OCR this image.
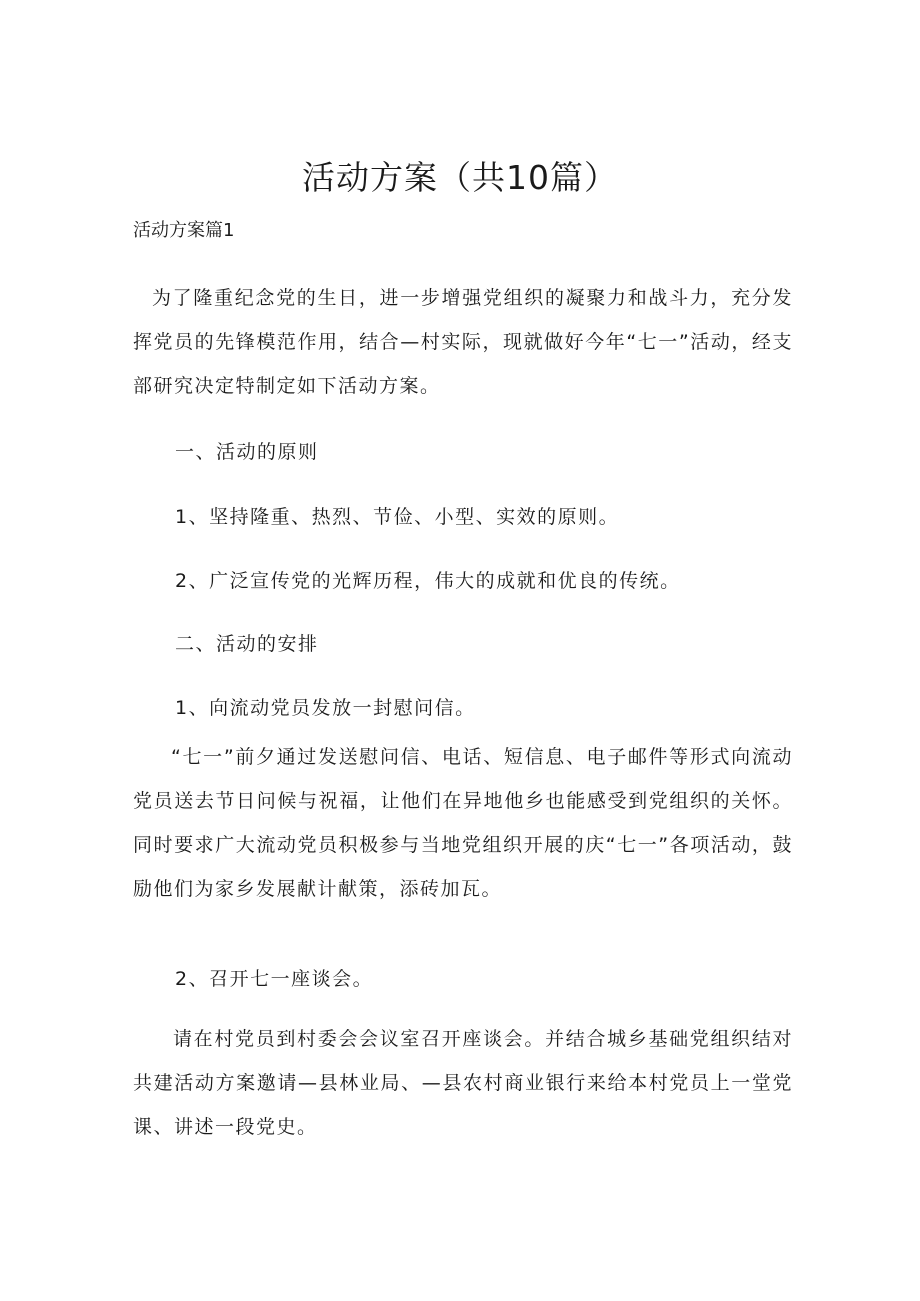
活动方案（共10篇）
活动方案篇1
为了隆重纪念党的生日，进一步增强党组织的凝聚力和战斗力，充分发挥党员的先锋模范作用，结合—村实际，现就做好今年“七一”活动，经支部研究决定特制定如下活动方案。
一、活动的原则
1、坚持隆重、热烈、节俭、小型、实效的原则。
2、广泛宣传党的光辉历程，伟大的成就和优良的传统。
二、活动的安排
1、向流动党员发放一封慰问信。
“七一”前夕通过发送慰问信、电话、短信息、电子邮件等形式向流动党员送去节日问候与祝福，让他们在异地他乡也能感受到党组织的关怀。同时要求广大流动党员积极参与当地党组织开展的庆“七一”各项活动，鼓励他们为家乡发展献计献策，添砖加瓦。
2、召开七一座谈会。
请在村党员到村委会会议室召开座谈会。并结合城乡基础党组织结对共建活动方案邀请—县林业局、—县农村商业银行来给本村党员上一堂党课、讲述一段党史。
